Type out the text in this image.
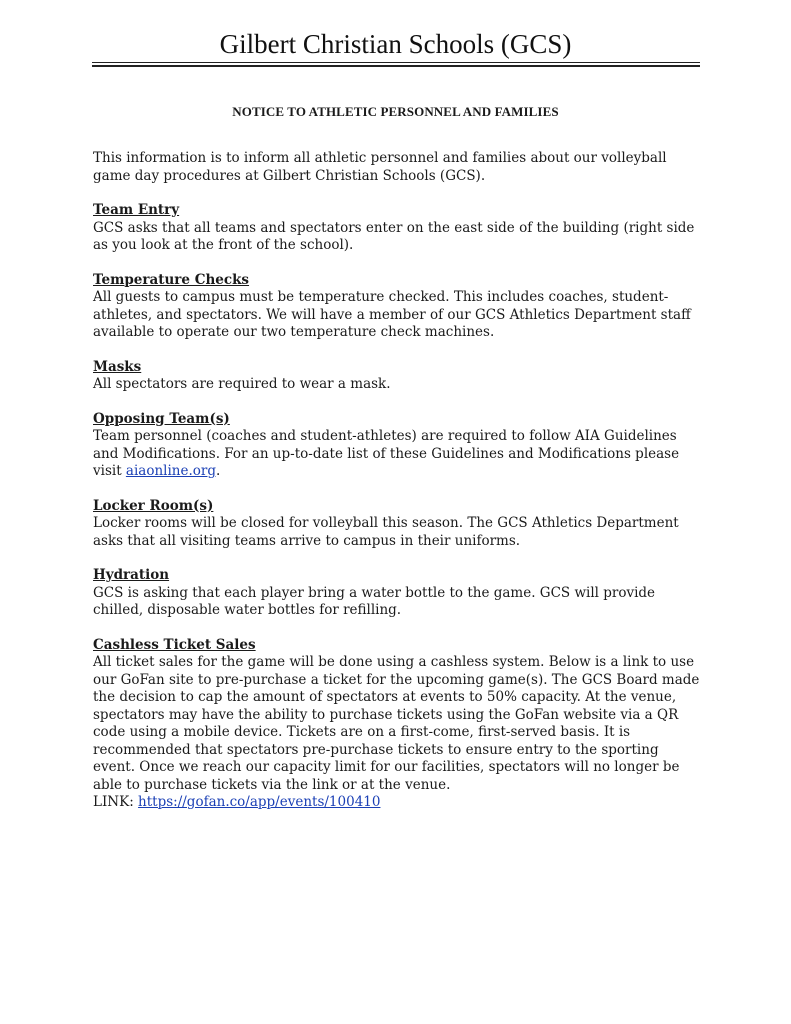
Gilbert Christian Schools (GCS)
NOTICE TO ATHLETIC PERSONNEL AND FAMILIES

This information is to inform all athletic personnel and families about our volleyball game day procedures at Gilbert Christian Schools (GCS).

Team Entry

GCS asks that all teams and spectators enter on the east side of the building (right side as you look at the front of the school).

Temperature Checks

All guests to campus must be temperature checked. This includes coaches, student-athletes, and spectators. We will have a member of our GCS Athletics Department staff available to operate our two temperature check machines.

Masks

All spectators are required to wear a mask.

Opposing Team(s)

Team personnel (coaches and student-athletes) are required to follow AIA Guidelines and Modifications. For an up-to-date list of these Guidelines and Modifications please visit aiaonline.org.

Locker Room(s)

Locker rooms will be closed for volleyball this season. The GCS Athletics Department asks that all visiting teams arrive to campus in their uniforms.

Hydration

GCS is asking that each player bring a water bottle to the game. GCS will provide chilled, disposable water bottles for refilling.

Cashless Ticket Sales

All ticket sales for the game will be done using a cashless system. Below is a link to use our GoFan site to pre-purchase a ticket for the upcoming game(s). The GCS Board made the decision to cap the amount of spectators at events to 50% capacity. At the venue, spectators may have the ability to purchase tickets using the GoFan website via a QR code using a mobile device. Tickets are on a first-come, first-served basis. It is recommended that spectators pre-purchase tickets to ensure entry to the sporting event. Once we reach our capacity limit for our facilities, spectators will no longer be able to purchase tickets via the link or at the venue.

LINK: https://gofan.co/app/events/100410
